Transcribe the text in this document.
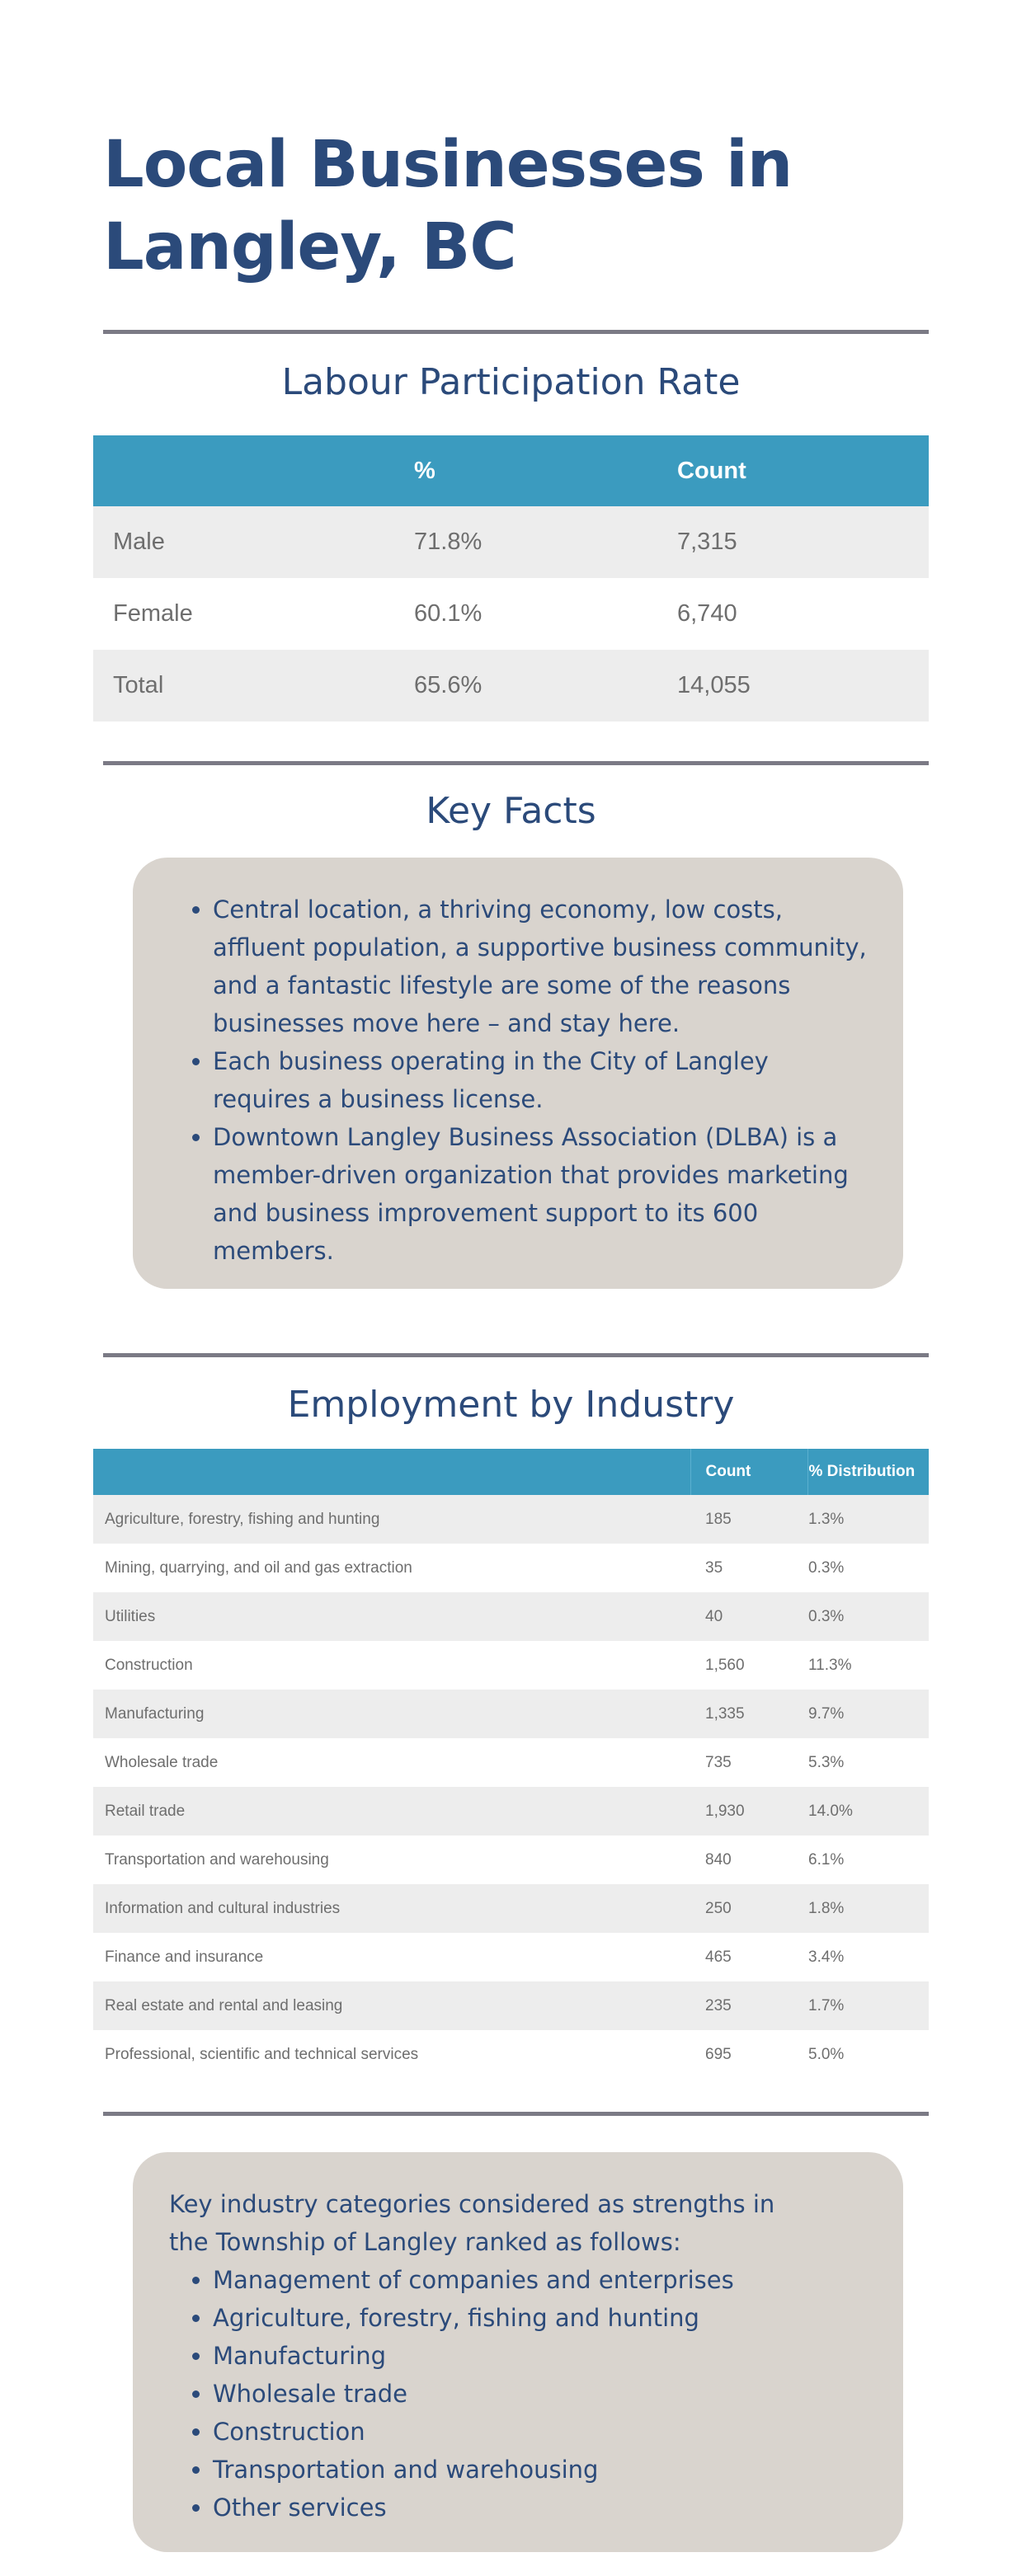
Local Businesses in Langley, BC
Labour Participation Rate
	%	Count
Male	71.8%	7,315
Female	60.1%	6,740
Total	65.6%	14,055
Key Facts
• Central location, a thriving economy, low costs, affluent population, a supportive business community, and a fantastic lifestyle are some of the reasons businesses move here – and stay here.
• Each business operating in the City of Langley requires a business license.
• Downtown Langley Business Association (DLBA) is a member-driven organization that provides marketing and business improvement support to its 600 members.
Employment by Industry
	Count	% Distribution
Agriculture, forestry, fishing and hunting	185	1.3%
Mining, quarrying, and oil and gas extraction	35	0.3%
Utilities	40	0.3%
Construction	1,560	11.3%
Manufacturing	1,335	9.7%
Wholesale trade	735	5.3%
Retail trade	1,930	14.0%
Transportation and warehousing	840	6.1%
Information and cultural industries	250	1.8%
Finance and insurance	465	3.4%
Real estate and rental and leasing	235	1.7%
Professional, scientific and technical services	695	5.0%
Key industry categories considered as strengths in the Township of Langley ranked as follows:
• Management of companies and enterprises
• Agriculture, forestry, fishing and hunting
• Manufacturing
• Wholesale trade
• Construction
• Transportation and warehousing
• Other services
